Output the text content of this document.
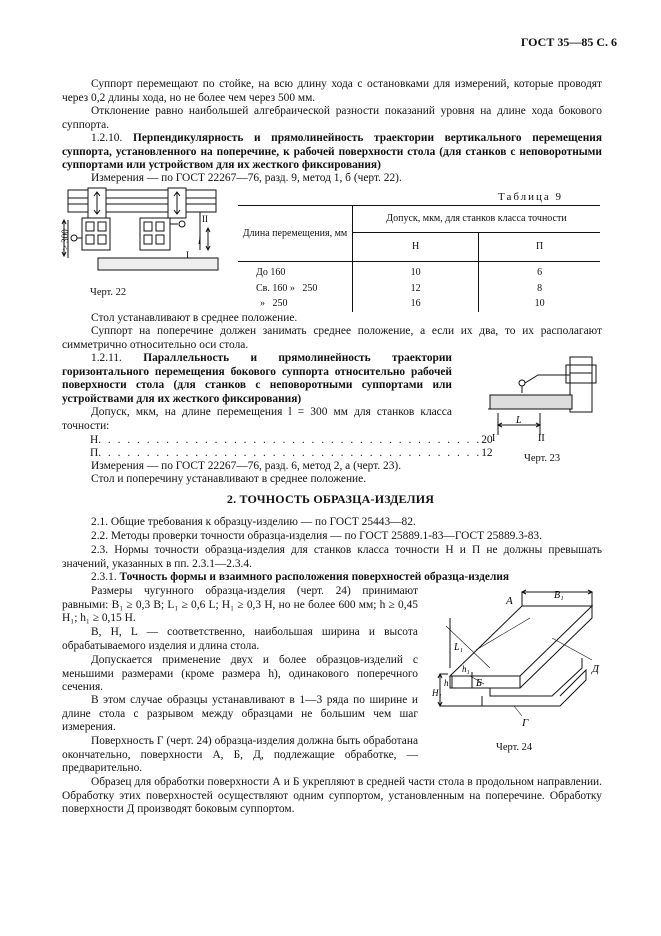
ГОСТ 35—85 С. 6
Суппорт перемещают по стойке, на всю длину хода с остановками для измерений, которые проводят через 0,2 длины хода, но не более чем через 500 мм.
Отклонение равно наибольшей алгебраической разности показаний уровня на длине хода бокового суппорта.
1.2.10. Перпендикулярность и прямолинейность траектории вертикального перемещения суппорта, установленного на поперечине, к рабочей поверхности стола (для станков с неповоротными суппортами или устройством для их жесткого фиксирования)
Измерения — по ГОСТ 22267—76, разд. 9, метод 1, б (черт. 22).
≥ 300	l
II
I
Черт. 22
Таблица 9
Длина перемещения, мм	Допуск, мкм, для станков класса точности	
	Н	П
До 160	10	6
Св. 160 »   250	12	8
»   250	16	10
Стол устанавливают в среднее положение.
Суппорт на поперечине должен занимать среднее положение, а если их два, то их располагают симметрично относительно оси стола.
1.2.11. Параллельность и прямолинейность траектории горизонтального перемещения бокового суппорта относительно рабочей поверхности стола (для станков с неповоротными суппортами или устройствами для их жесткого фиксирования)
Допуск, мкм, на длине перемещения l = 300 мм для станков класса точности:
Н . . . . . . . . . . . . . . . . . . . . . . . . . . . . . . . . . . . . . . . . 20
П . . . . . . . . . . . . . . . . . . . . . . . . . . . . . . . . . . . . . . . . 12
Измерения — по ГОСТ 22267—76, разд. 6, метод 2, а (черт. 23).
Стол и поперечину устанавливают в среднее положение.
L
I	II
Черт. 23
2. ТОЧНОСТЬ ОБРАЗЦА-ИЗДЕЛИЯ
2.1. Общие требования к образцу-изделию — по ГОСТ 25443—82.
2.2. Методы проверки точности образца-изделия — по ГОСТ 25889.1-83—ГОСТ 25889.3-83.
2.3. Нормы точности образца-изделия для станков класса точности Н и П не должны превышать значений, указанных в пп. 2.3.1—2.3.4.
2.3.1. Точность формы и взаимного расположения поверхностей образца-изделия
Размеры чугунного образца-изделия (черт. 24) принимают равными: B₁ ≥ 0,3 B; L₁ ≥ 0,6 L; H₁ ≥ 0,3 H, но не более 600 мм; h ≥ 0,45 H₁; h₁ ≥ 0,15 H.
B, H, L — соответственно, наибольшая ширина и высота обрабатываемого изделия и длина стола.
Допускается применение двух и более образцов-изделий с меньшими размерами (кроме размера h), одинакового поперечного сечения.
В этом случае образцы устанавливают в 1—3 ряда по ширине и длине стола с разрывом между образцами не большим чем шаг измерения.
Поверхность Г (черт. 24) образца-изделия должна быть обработана окончательно, поверхности А, Б, Д, подлежащие обработке, — предварительно.
Образец для обработки поверхности А и Б укрепляют в средней части стола в продольном направлении. Обработку этих поверхностей осуществляют одним суппортом, установленным на поперечине. Обработку поверхности Д производят боковым суппортом.
А	B₁
L₁
Д
h₁
h	Б
H₁
Г
Черт. 24
